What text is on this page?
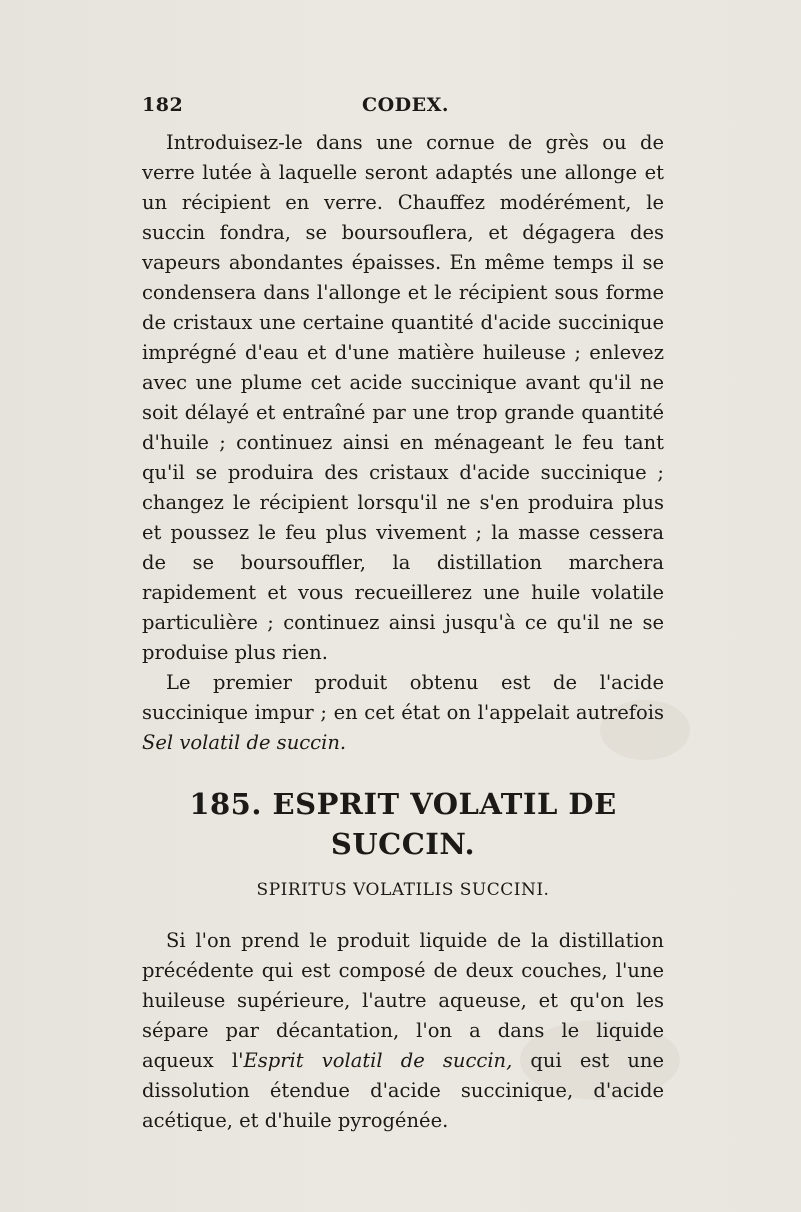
182	CODEX.

Introduisez-le dans une cornue de grès ou de verre lutée à laquelle seront adaptés une allonge et un récipient en verre. Chauffez modérément, le succin fondra, se boursouflera, et dégagera des vapeurs abondantes épaisses. En même temps il se condensera dans l'allonge et le récipient sous forme de cristaux une certaine quantité d'acide succinique imprégné d'eau et d'une matière huileuse ; enlevez avec une plume cet acide succinique avant qu'il ne soit délayé et entraîné par une trop grande quantité d'huile ; continuez ainsi en ménageant le feu tant qu'il se produira des cristaux d'acide succinique ; changez le récipient lorsqu'il ne s'en produira plus et poussez le feu plus vivement ; la masse cessera de se boursouffler, la distillation marchera rapidement et vous recueillerez une huile volatile particulière ; continuez ainsi jusqu'à ce qu'il ne se produise plus rien.

Le premier produit obtenu est de l'acide succinique impur ; en cet état on l'appelait autrefois Sel volatil de succin.

185. ESPRIT VOLATIL DE SUCCIN.
SPIRITUS VOLATILIS SUCCINI.

Si l'on prend le produit liquide de la distillation précédente qui est composé de deux couches, l'une huileuse supérieure, l'autre aqueuse, et qu'on les sépare par décantation, l'on a dans le liquide aqueux l'Esprit volatil de succin, qui est une dissolution étendue d'acide succinique, d'acide acétique, et d'huile pyrogénée.
